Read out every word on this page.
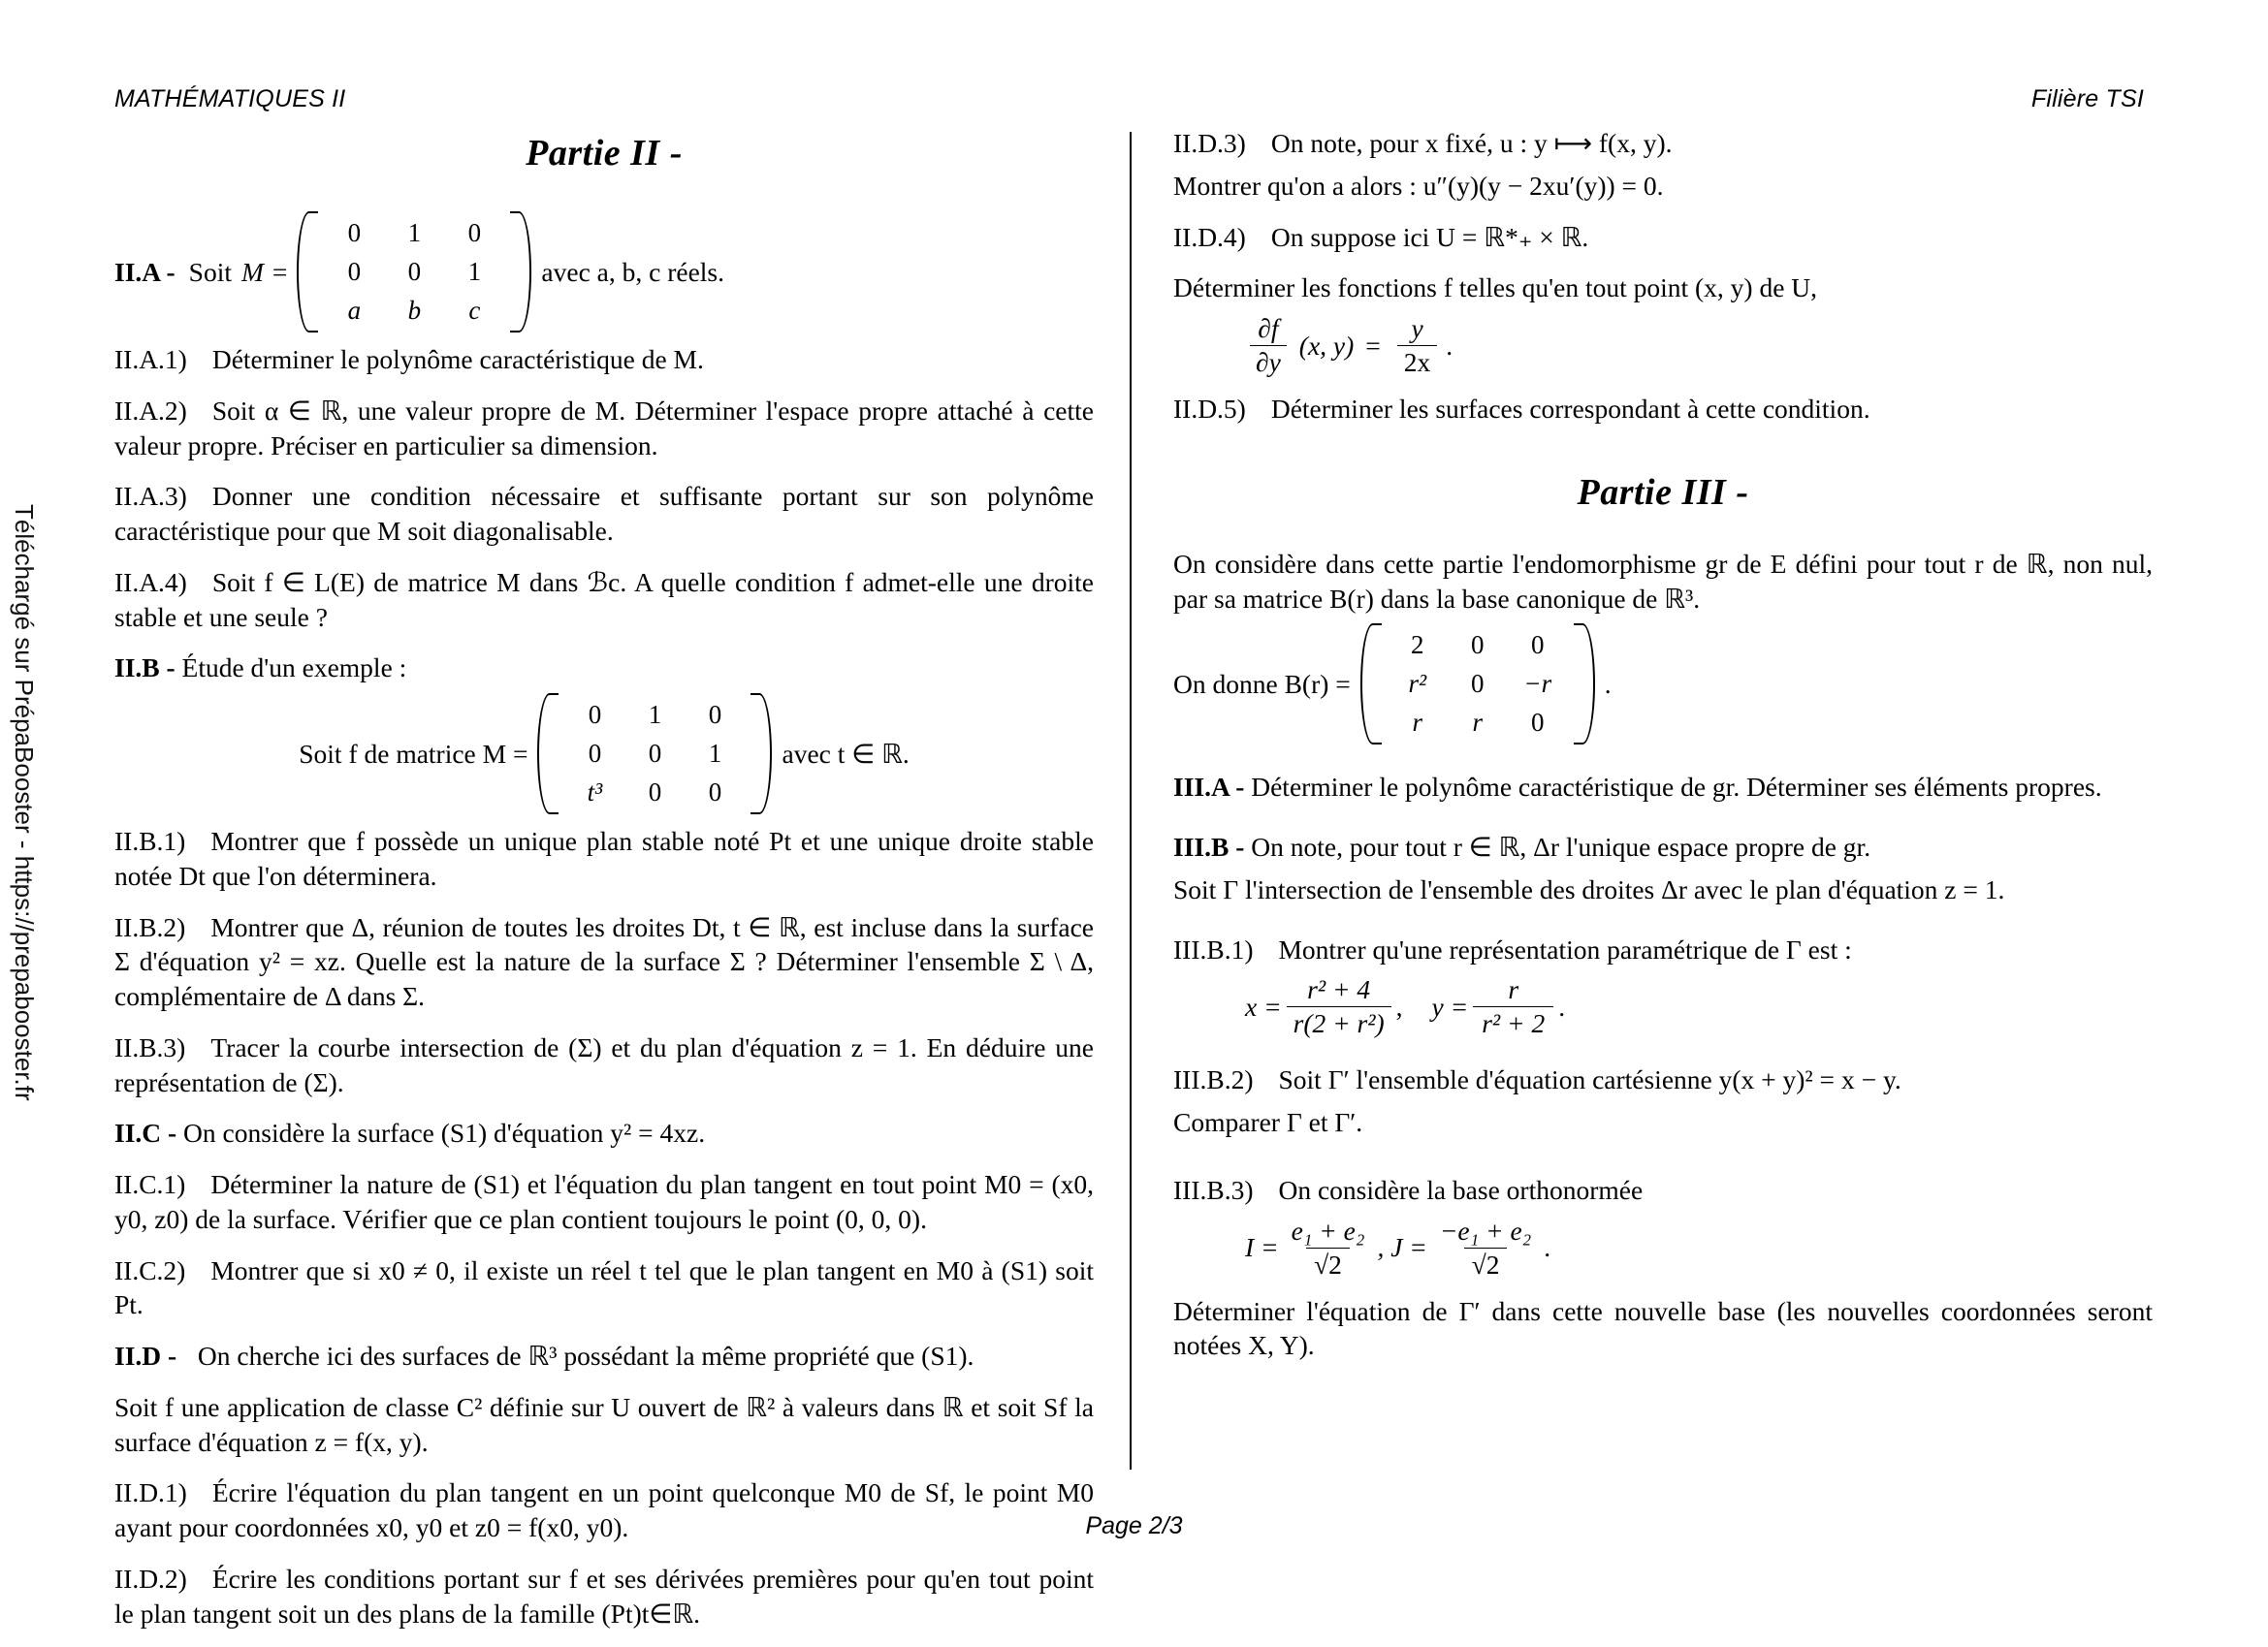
MATHÉMATIQUES II	Filière TSI
Téléchargé sur PrépaBooster - https://prepabooster.fr
Partie II -
II.A - Soit M =
0	1	0
0	0	1
a	b	c
avec a, b, c réels.

II.A.1) Déterminer le polynôme caractéristique de M.

II.A.2) Soit α ∈ ℝ, une valeur propre de M. Déterminer l'espace propre attaché à cette valeur propre. Préciser en particulier sa dimension.

II.A.3) Donner une condition nécessaire et suffisante portant sur son polynôme caractéristique pour que M soit diagonalisable.

II.A.4) Soit f ∈ L(E) de matrice M dans ℬc. A quelle condition f admet-elle une droite stable et une seule ?

II.B - Étude d'un exemple :

Soit f de matrice M =
0	1	0
0	0	1
t³	0	0
avec t ∈ ℝ.

II.B.1) Montrer que f possède un unique plan stable noté Pt et une unique droite stable notée Dt que l'on déterminera.

II.B.2) Montrer que Δ, réunion de toutes les droites Dt, t ∈ ℝ, est incluse dans la surface Σ d'équation y² = xz. Quelle est la nature de la surface Σ ? Déterminer l'ensemble Σ \ Δ, complémentaire de Δ dans Σ.

II.B.3) Tracer la courbe intersection de (Σ) et du plan d'équation z = 1. En déduire une représentation de (Σ).

II.C - On considère la surface (S1) d'équation y² = 4xz.

II.C.1) Déterminer la nature de (S1) et l'équation du plan tangent en tout point M0 = (x0, y0, z0) de la surface. Vérifier que ce plan contient toujours le point (0, 0, 0).

II.C.2) Montrer que si x0 ≠ 0, il existe un réel t tel que le plan tangent en M0 à (S1) soit Pt.

II.D - On cherche ici des surfaces de ℝ³ possédant la même propriété que (S1).

Soit f une application de classe C² définie sur U ouvert de ℝ² à valeurs dans ℝ et soit Sf la surface d'équation z = f(x, y).

II.D.1) Écrire l'équation du plan tangent en un point quelconque M0 de Sf, le point M0 ayant pour coordonnées x0, y0 et z0 = f(x0, y0).

II.D.2) Écrire les conditions portant sur f et ses dérivées premières pour qu'en tout point le plan tangent soit un des plans de la famille (Pt)t∈ℝ.

II.D.3) On note, pour x fixé, u : y ⟼ f(x, y).

Montrer qu'on a alors : u″(y)(y − 2xu′(y)) = 0.

II.D.4) On suppose ici U = ℝ*₊ × ℝ.

Déterminer les fonctions f telles qu'en tout point (x, y) de U,

$\frac{\partial f}{\partial y} (x$, $y) = \frac{y}{2x}$ .

II.D.5) Déterminer les surfaces correspondant à cette condition.

Partie III -

On considère dans cette partie l'endomorphisme gr de E défini pour tout r de ℝ, non nul, par sa matrice B(r) dans la base canonique de ℝ³.

On donne B(r) =
2	0	0
r²	0	−r
r	r	0
.

III.A - Déterminer le polynôme caractéristique de gr. Déterminer ses éléments propres.

III.B - On note, pour tout r ∈ ℝ, Δr l'unique espace propre de gr.

Soit Γ l'intersection de l'ensemble des droites Δr avec le plan d'équation z = 1.

III.B.1) Montrer qu'une représentation paramétrique de Γ est :

$x = \frac{\text{r² + 4}}{\text{r(2 + r²)}}$ , $y = \frac{r}{\text{r² + 2}}$ .

III.B.2) Soit Γ′ l'ensemble d'équation cartésienne y(x + y)² = x − y.

Comparer Γ et Γ′.

III.B.3) On considère la base orthonormée

$I = \frac{\text{e₁ + e₂}}{√2}$ , $J = \frac{\text{−e₁ + e₂}}{√2}$ .

Déterminer l'équation de Γ′ dans cette nouvelle base (les nouvelles coordonnées seront notées X, Y).

Page 2/3
